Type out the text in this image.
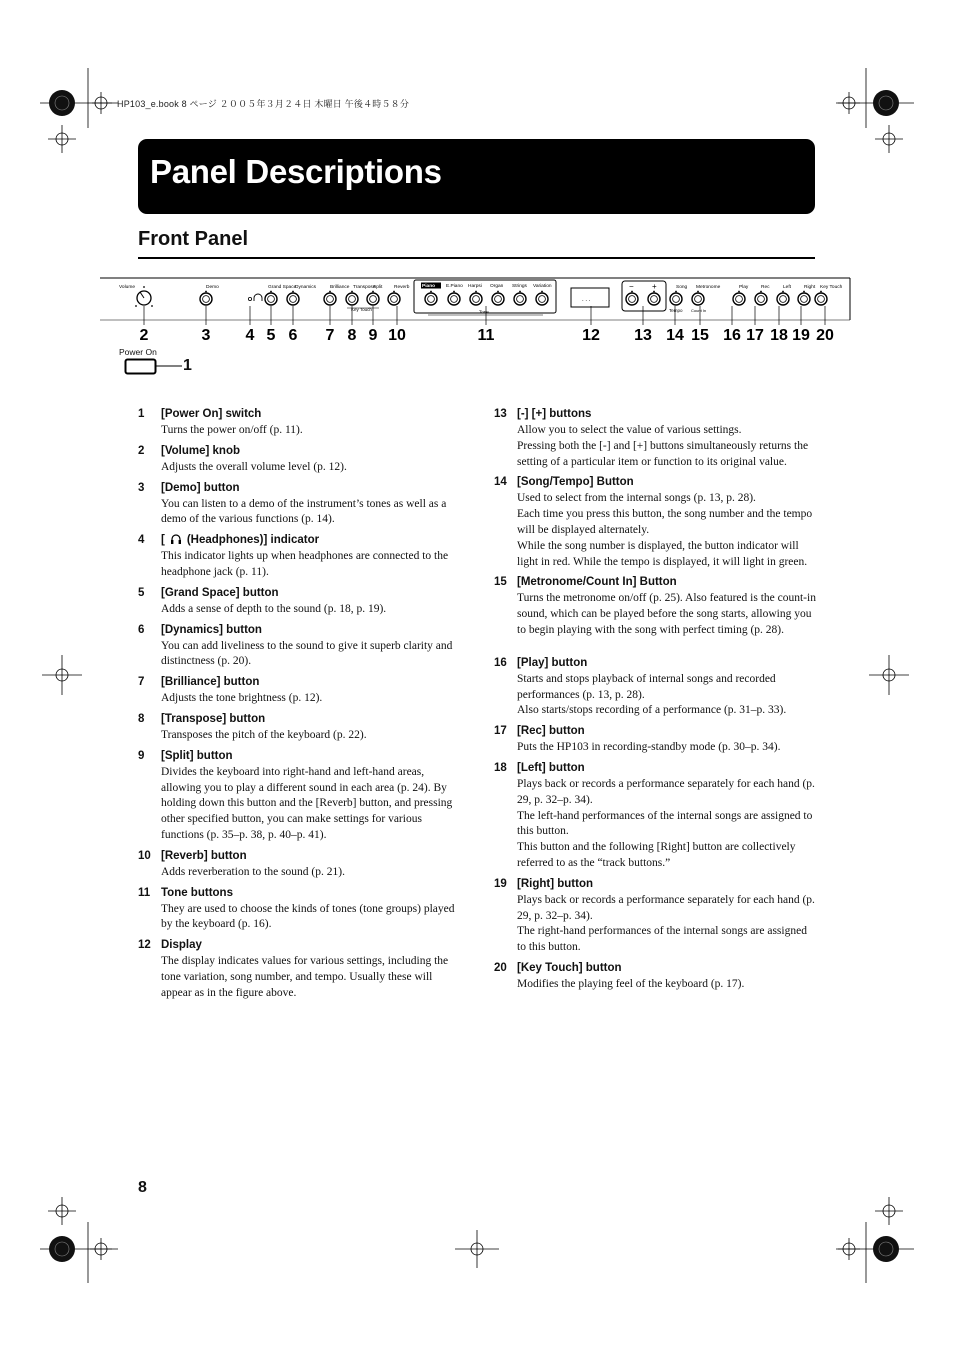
HP103_e.book 8 ページ ２００５年３月２４日 木曜日 午後４時５８分
Panel Descriptions
Front Panel
. . .
Volume	Demo	Grand Space
Dynamics	Brilliance Transpose
Split Reverb	Piano E.Piano Harpsi Organ Strings Variation	Song Metronome	Play	Rec	Left	Right Key Touch
2	3 4 5 6 7 8 9 10	11	12 13 14 15 16 17 18 19 20
Key Touch	Tone	Tempo Count In
− +
Power On
1
1 [Power On] switch

Turns the power on/off (p. 11).

2 [Volume] knob

Adjusts the overall volume level (p. 12).

3 [Demo] button

You can listen to a demo of the instrument’s tones as well as a demo of the various functions (p. 14).

4 [ (Headphones)] indicator

This indicator lights up when headphones are connected to the headphone jack (p. 11).

5 [Grand Space] button

Adds a sense of depth to the sound (p. 18, p. 19).

6 [Dynamics] button

You can add liveliness to the sound to give it superb clarity and distinctness (p. 20).

7 [Brilliance] button

Adjusts the tone brightness (p. 12).

8 [Transpose] button

Transposes the pitch of the keyboard (p. 22).

9 [Split] button

Divides the keyboard into right-hand and left-hand areas, allowing you to play a different sound in each area (p. 24). By holding down this button and the [Reverb] button, and pressing other specified button, you can make settings for various functions (p. 35–p. 38, p. 40–p. 41).

10 [Reverb] button

Adds reverberation to the sound (p. 21).

11 Tone buttons

They are used to choose the kinds of tones (tone groups) played by the keyboard (p. 16).

12 Display

The display indicates values for various settings, including the tone variation, song number, and tempo. Usually these will appear as in the figure above.

13 [-] [+] buttons

Allow you to select the value of various settings.

Pressing both the [-] and [+] buttons simultaneously returns the setting of a particular item or function to its original value.

14 [Song/Tempo] Button

Used to select from the internal songs (p. 13, p. 28).

Each time you press this button, the song number and the tempo will be displayed alternately.

While the song number is displayed, the button indicator will light in red. While the tempo is displayed, it will light in green.

15 [Metronome/Count In] Button

Turns the metronome on/off (p. 25). Also featured is the count-in sound, which can be played before the song starts, allowing you to begin playing with the song with perfect timing (p. 28).

16 [Play] button

Starts and stops playback of internal songs and recorded performances (p. 13, p. 28).

Also starts/stops recording of a performance (p. 31–p. 33).

17 [Rec] button

Puts the HP103 in recording-standby mode (p. 30–p. 34).

18 [Left] button

Plays back or records a performance separately for each hand (p. 29, p. 32–p. 34).

The left-hand performances of the internal songs are assigned to this button.

This button and the following [Right] button are collectively referred to as the “track buttons.”

19 [Right] button

Plays back or records a performance separately for each hand (p. 29, p. 32–p. 34).

The right-hand performances of the internal songs are assigned to this button.

20 [Key Touch] button

Modifies the playing feel of the keyboard (p. 17).

8
